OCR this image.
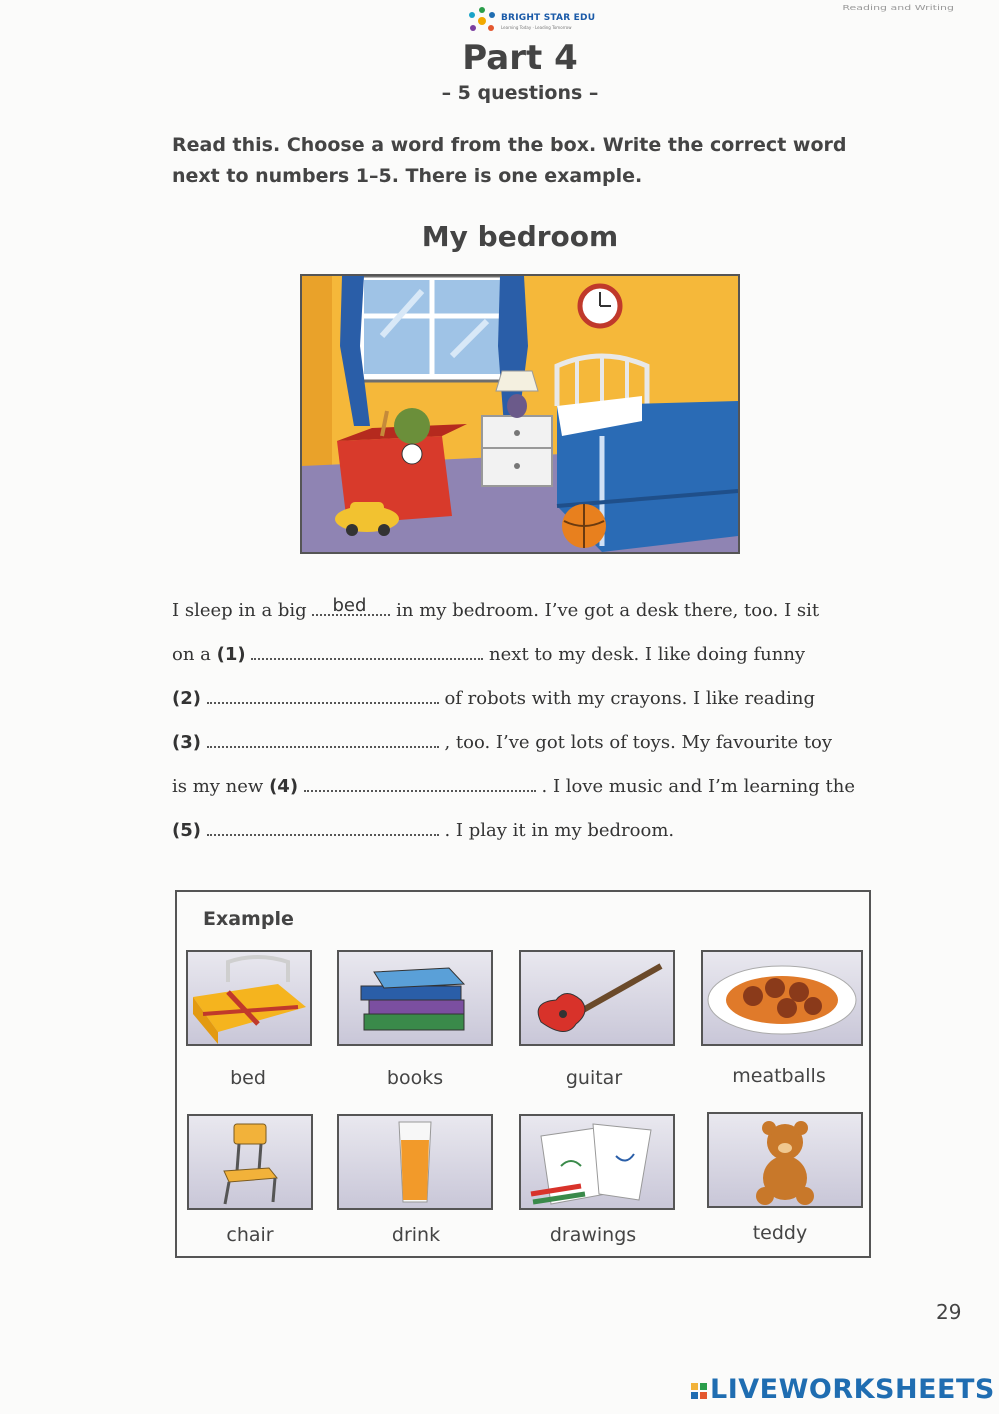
BRIGHT STAR EDU
Learning Today · Leading Tomorrow
Reading and Writing
Part 4
– 5 questions –
Read this. Choose a word from the box. Write the correct word next to numbers 1–5. There is one example.
My bedroom
I sleep in a big bed in my bedroom. I’ve got a desk there, too. I sit
on a (1)	next to my desk. I like doing funny
(2)	of robots with my crayons. I like reading
(3)	, too. I’ve got lots of toys. My favourite toy
is my new (4)	. I love music and I’m learning the
(5)	. I play it in my bedroom.
Example
bed	books	guitar	meatballs
chair	drink	drawings	teddy
29

LIVEWORKSHEETS
